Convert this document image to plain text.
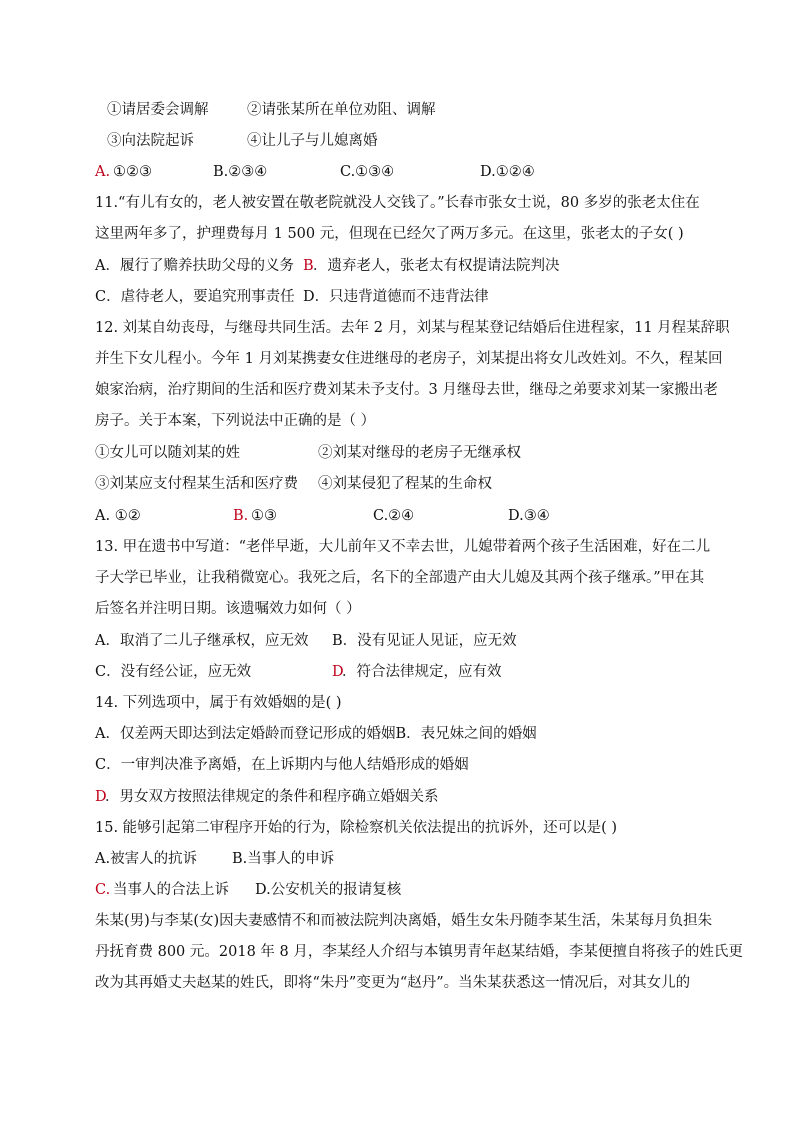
①请居委会调解	②请张某所在单位劝阻、调解
③向法院起诉	④让儿子与儿媳离婚
A. ①②③	B.②③④	C.①③④	D.①②④
11.“有儿有女的，老人被安置在敬老院就没人交钱了。”长春市张女士说，80 多岁的张老太住在
这里两年多了，护理费每月 1 500 元，但现在已经欠了两万多元。在这里，张老太的子女( )
A．履行了赡养扶助父母的义务 B ．遗弃老人，张老太有权提请法院判决
C．虐待老人，要追究刑事责任 D．只违背道德而不违背法律
12. 刘某自幼丧母，与继母共同生活。去年 2 月，刘某与程某登记结婚后住进程家，11 月程某辞职
并生下女儿程小。今年 1 月刘某携妻女住进继母的老房子，刘某提出将女儿改姓刘。不久，程某回
娘家治病，治疗期间的生活和医疗费刘某未予支付。3 月继母去世，继母之弟要求刘某一家搬出老
房子。关于本案，下列说法中正确的是（ ）
①女儿可以随刘某的姓	②刘某对继母的老房子无继承权
③刘某应支付程某生活和医疗费 ④刘某侵犯了程某的生命权
A. ①②	B. ①③	C.②④	D.③④
13. 甲在遗书中写道：“老伴早逝，大儿前年又不幸去世，儿媳带着两个孩子生活困难，好在二儿
子大学已毕业，让我稍微宽心。我死之后，名下的全部遗产由大儿媳及其两个孩子继承。”甲在其
后签名并注明日期。该遗嘱效力如何（ ）
A．取消了二儿子继承权，应无效 B．没有见证人见证，应无效
C．没有经公证，应无效	D
．符合法律规定，应有效
14. 下列选项中，属于有效婚姻的是( )
A．仅差两天即达到法定婚龄而登记形成的婚姻B．表兄妹之间的婚姻
C．一审判决准予离婚，在上诉期内与他人结婚形成的婚姻
D
．男女双方按照法律规定的条件和程序确立婚姻关系
15. 能够引起第二审程序开始的行为，除检察机关依法提出的抗诉外，还可以是( )
A.被害人的抗诉 B.当事人的申诉
C. 当事人的合法上诉 D.公安机关的报请复核
朱某(男)与李某(女)因夫妻感情不和而被法院判决离婚，婚生女朱丹随李某生活，朱某每月负担朱
丹抚育费 800 元。2018 年 8 月，李某经人介绍与本镇男青年赵某结婚，李某便擅自将孩子的姓氏更
改为其再婚丈夫赵某的姓氏，即将“朱丹”变更为“赵丹”。当朱某获悉这一情况后，对其女儿的
